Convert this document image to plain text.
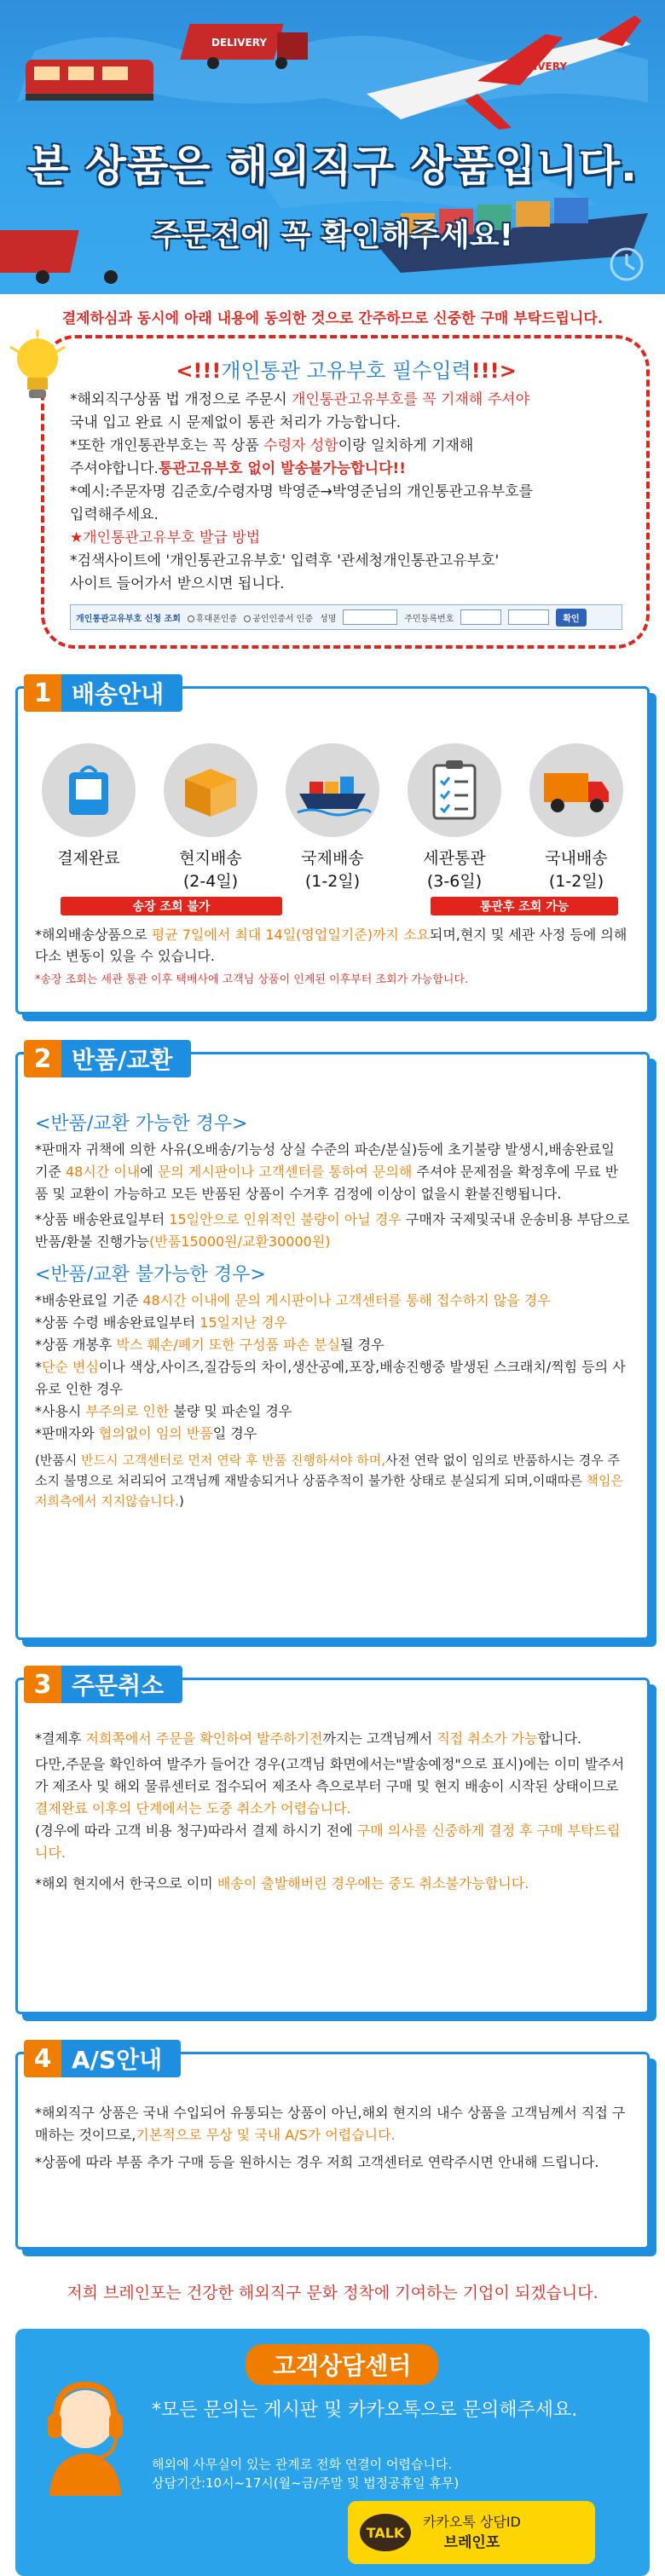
DELIVERY
DELIVERY
본 상품은 해외직구 상품입니다.
주문전에 꼭 확인해주세요!
결제하심과 동시에 아래 내용에 동의한 것으로 간주하므로 신중한 구매 부탁드립니다.
<!!!개인통관 고유부호 필수입력!!!>
*해외직구상품 법 개정으로 주문시 개인통관고유부호를 꼭 기재해 주셔야
국내 입고 완료 시 문제없이 통관 처리가 가능합니다.
*또한 개인통관부호는 꼭 상품 수령자 성함이랑 일치하게 기재해
주셔야합니다.통관고유부호 없이 발송불가능합니다!!
*예시:주문자명 김준호/수령자명 박영준→박영준님의 개인통관고유부호를
입력해주세요.
★개인통관고유부호 발급 방법
*검색사이트에 '개인통관고유부호' 입력후 '관세청개인통관고유부호'
사이트 들어가서 받으시면 됩니다.
개인통관고유부호 신청 조회	휴대폰인증	공인인증서 인증 성명	주민등록번호	확인
결제완료	현지배송
(2-4일)
국제배송
(1-2일)
세관통관
(3-6일)
국내배송
(1-2일)
송장 조회 불가	통관후 조회 가능
*해외배송상품으로 평균 7일에서 최대 14일(영업일기준)까지 소요되며,현지 및 세관 사정 등에 의해 다소 변동이 있을 수 있습니다.
*송장 조회는 세관 통관 이후 택배사에 고객님 상품이 인계된 이후부터 조회가 가능합니다.
1 배송안내
<반품/교환 가능한 경우>
*판매자 귀책에 의한 사유(오배송/기능성 상실 수준의 파손/분실)등에 초기불량 발생시,배송완료일 기준 48시간 이내에 문의 게시판이나 고객센터를 통하여 문의해 주셔야 문제점을 확정후에 무료 반품 및 교환이 가능하고 모든 반품된 상품이 수거후 검정에 이상이 없을시 환불진행됩니다.
*상품 배송완료일부터 15일안으로 인위적인 불량이 아닐 경우 구매자 국제및국내 운송비용 부담으로 반품/환불 진행가능(반품15000원/교환30000원)
<반품/교환 불가능한 경우>
*배송완료일 기준 48시간 이내에 문의 게시판이나 고객센터를 통해 접수하지 않을 경우
*상품 수령 배송완료일부터 15일지난 경우
*상품 개봉후 박스 훼손/폐기 또한 구성품 파손 분실될 경우
*단순 변심이나 색상,사이즈,질감등의 차이,생산공예,포장,배송진행중 발생된 스크래치/찍힘 등의 사유로 인한 경우
*사용시 부주의로 인한 불량 및 파손일 경우
*판매자와 협의없이 임의 반품일 경우
(반품시 반드시 고객센터로 먼저 연락 후 반품 진행하셔야 하며,사전 연락 없이 임의로 반품하시는 경우 주소지 불명으로 처리되어 고객님께 재발송되거나 상품추적이 불가한 상태로 분실되게 되며,이때따른 책임은 저희측에서 지지않습니다.)
2 반품/교환
*결제후 저희쪽에서 주문을 확인하여 발주하기전까지는 고객님께서 직접 취소가 가능합니다.
다만,주문을 확인하여 발주가 들어간 경우(고객님 화면에서는"발송예정"으로 표시)에는 이미 발주서가 제조사 및 해외 물류센터로 접수되어 제조사 측으로부터 구매 및 현지 배송이 시작된 상태이므로 결제완료 이후의 단계에서는 도중 취소가 어렵습니다.
(경우에 따라 고객 비용 청구)따라서 결제 하시기 전에 구매 의사를 신중하게 결정 후 구매 부탁드립니다.
*해외 현지에서 한국으로 이미 배송이 출발해버린 경우에는 중도 취소불가능합니다.
3 주문취소
*해외직구 상품은 국내 수입되어 유통되는 상품이 아닌,해외 현지의 내수 상품을 고객님께서 직접 구매하는 것이므로,기본적으로 무상 및 국내 A/S가 어렵습니다.
*상품에 따라 부품 추가 구매 등을 원하시는 경우 저희 고객센터로 연락주시면 안내해 드립니다.
4 A/S안내
저희 브레인포는 건강한 해외직구 문화 정착에 기여하는 기업이 되겠습니다.
고객상담센터
*모든 문의는 게시판 및 카카오톡으로 문의해주세요.
해외에 사무실이 있는 관계로 전화 연결이 어렵습니다.
상담기간:10시~17시(월~금/주말 및 법정공휴일 휴무)
TALK
카카오톡 상담ID
브레인포
